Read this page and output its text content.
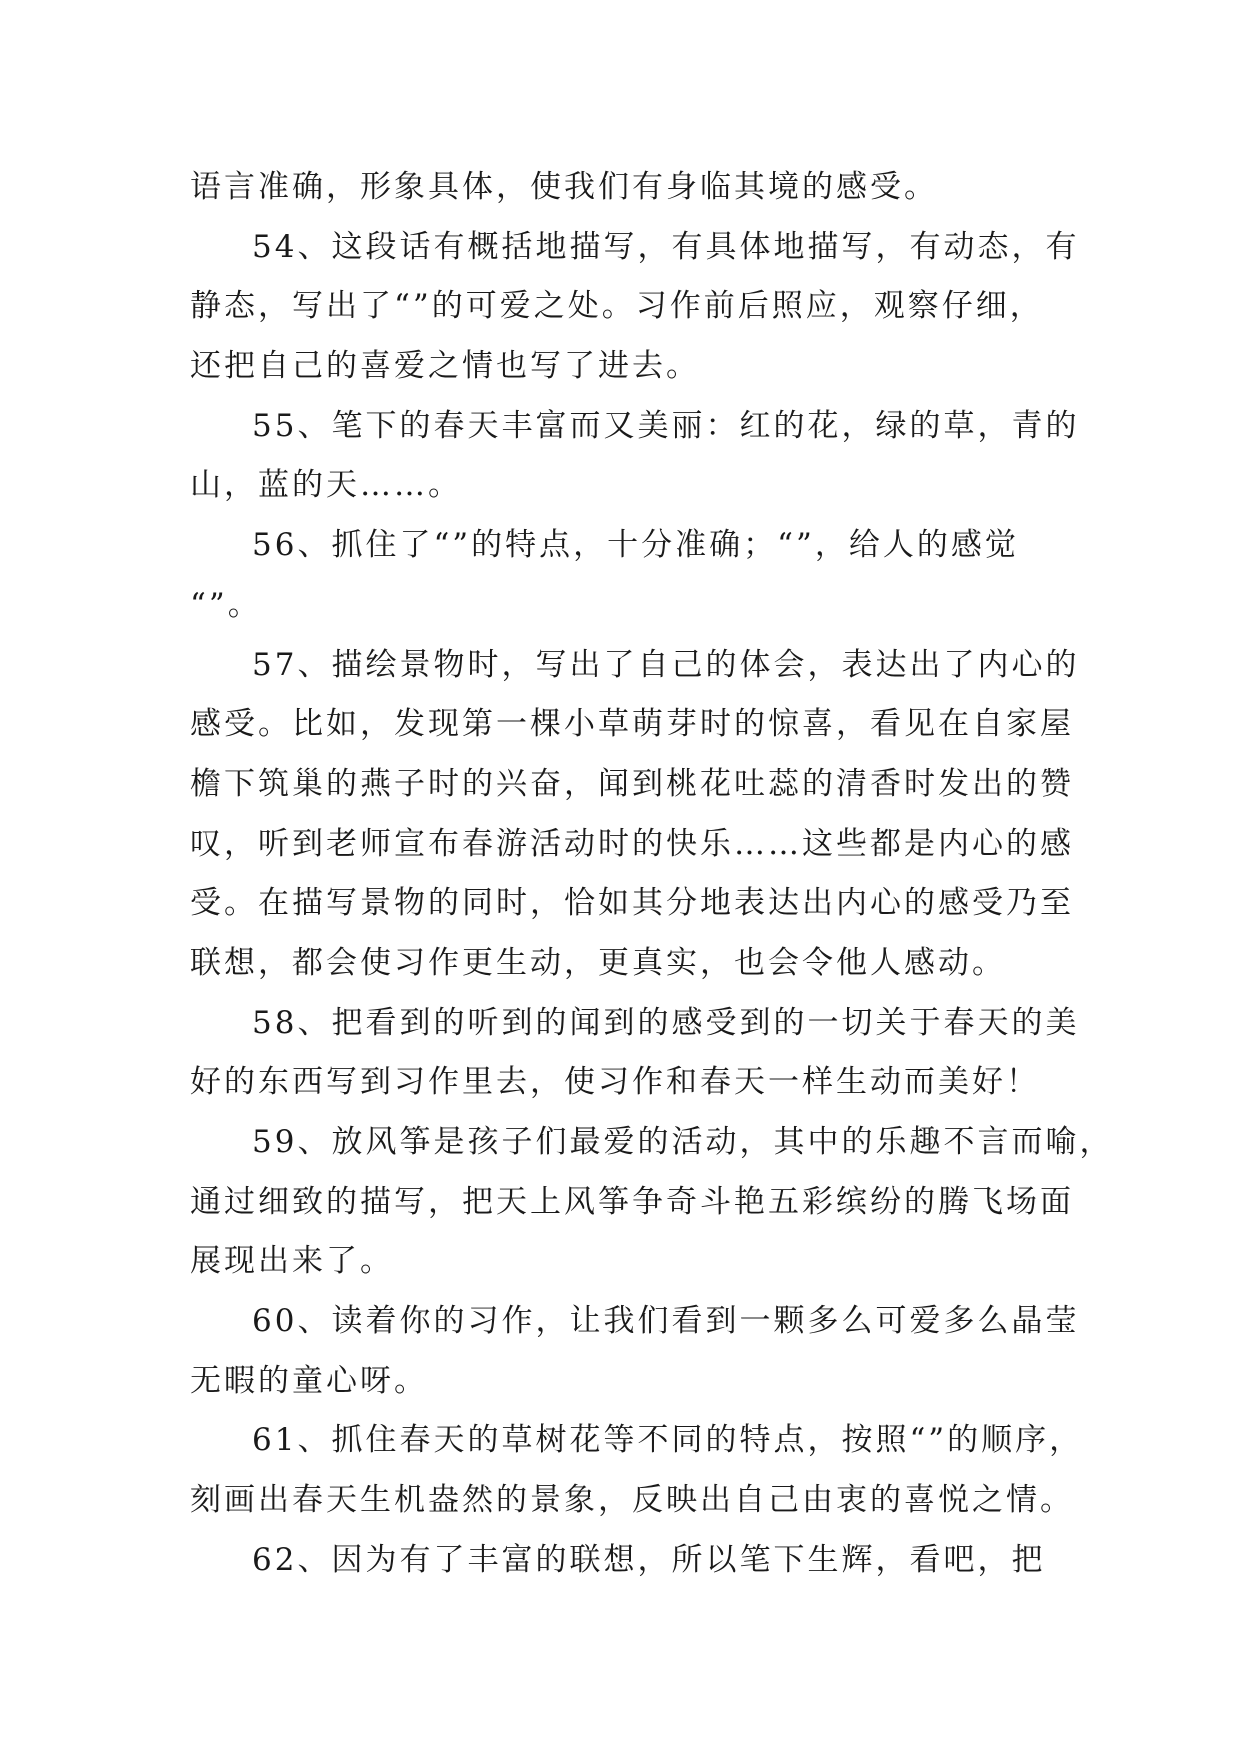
语言准确，形象具体，使我们有身临其境的感受。
54、这段话有概括地描写，有具体地描写，有动态，有
静态，写出了“”的可爱之处。习作前后照应，观察仔细，
还把自己的喜爱之情也写了进去。
55、笔下的春天丰富而又美丽：红的花，绿的草，青的
山，蓝的天……。
56、抓住了“”的特点，十分准确；“”，给人的感觉
“”。
57、描绘景物时，写出了自己的体会，表达出了内心的
感受。比如，发现第一棵小草萌芽时的惊喜，看见在自家屋
檐下筑巢的燕子时的兴奋，闻到桃花吐蕊的清香时发出的赞
叹，听到老师宣布春游活动时的快乐……这些都是内心的感
受。在描写景物的同时，恰如其分地表达出内心的感受乃至
联想，都会使习作更生动，更真实，也会令他人感动。
58、把看到的听到的闻到的感受到的一切关于春天的美
好的东西写到习作里去，使习作和春天一样生动而美好！
59、放风筝是孩子们最爱的活动，其中的乐趣不言而喻，
通过细致的描写，把天上风筝争奇斗艳五彩缤纷的腾飞场面
展现出来了。
60、读着你的习作，让我们看到一颗多么可爱多么晶莹
无暇的童心呀。
61、抓住春天的草树花等不同的特点，按照“”的顺序，
刻画出春天生机盎然的景象，反映出自己由衷的喜悦之情。
62、因为有了丰富的联想，所以笔下生辉，看吧，把
